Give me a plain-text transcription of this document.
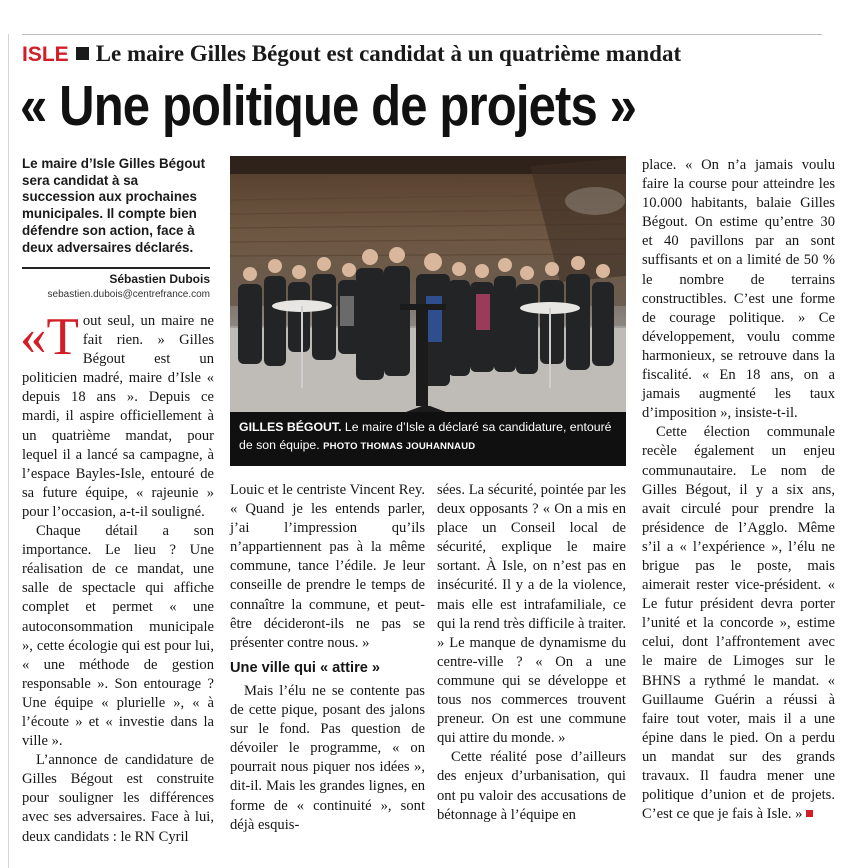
ISLE Le maire Gilles Bégout est candidat à un quatrième mandat
« Une politique de projets »
Le maire d’Isle Gilles Bégout sera candidat à sa succession aux prochaines municipales. Il compte bien défendre son action, face à deux adversaires déclarés.
Sébastien Dubois
sebastien.dubois@centrefrance.com

«Tout seul, un maire ne fait rien. » Gilles Bégout est un politicien madré, maire d’Isle « depuis 18 ans ». Depuis ce mardi, il aspire officiellement à un quatrième mandat, pour lequel il a lancé sa campagne, à l’espace Bayles-Isle, entouré de sa future équipe, « rajeunie » pour l’occasion, a-t-il souligné.

Chaque détail a son importance. Le lieu ? Une réalisation de ce mandat, une salle de spectacle qui affiche complet et permet « une autoconsommation municipale », cette écologie qui est pour lui, « une méthode de gestion responsable ». Son entourage ? Une équipe « plurielle », « à l’écoute » et « investie dans la ville ».

L’annonce de candidature de Gilles Bégout est construite pour souligner les différences avec ses adversaires. Face à lui, deux candidats : le RN Cyril

GILLES BÉGOUT. Le maire d’Isle a déclaré sa candidature, entouré de son équipe. PHOTO THOMAS JOUHANNAUD

Louic et le centriste Vincent Rey. « Quand je les entends parler, j’ai l’impression qu’ils n’appartiennent pas à la même commune, tance l’édile. Je leur conseille de prendre le temps de connaître la commune, et peut-être décideront-ils ne pas se présenter contre nous. »

Une ville qui « attire »

Mais l’élu ne se contente pas de cette pique, posant des jalons sur le fond. Pas question de dévoiler le programme, « on pourrait nous piquer nos idées », dit-il. Mais les grandes lignes, en forme de « continuité », sont déjà esquis-

sées. La sécurité, pointée par les deux opposants ? « On a mis en place un Conseil local de sécurité, explique le maire sortant. À Isle, on n’est pas en insécurité. Il y a de la violence, mais elle est intrafamiliale, ce qui la rend très difficile à traiter. » Le manque de dynamisme du centre-ville ? « On a une commune qui se développe et tous nos commerces trouvent preneur. On est une commune qui attire du monde. »

Cette réalité pose d’ailleurs des enjeux d’urbanisation, qui ont pu valoir des accusations de bétonnage à l’équipe en

place. « On n’a jamais voulu faire la course pour atteindre les 10.000 habitants, balaie Gilles Bégout. On estime qu’entre 30 et 40 pavillons par an sont suffisants et on a limité de 50 % le nombre de terrains constructibles. C’est une forme de courage politique. » Ce développement, voulu comme harmonieux, se retrouve dans la fiscalité. « En 18 ans, on a jamais augmenté les taux d’imposition », insiste-t-il.

Cette élection communale recèle également un enjeu communautaire. Le nom de Gilles Bégout, il y a six ans, avait circulé pour prendre la présidence de l’Agglo. Même s’il a « l’expérience », l’élu ne brigue pas le poste, mais aimerait rester vice-président. « Le futur président devra porter l’unité et la concorde », estime celui, dont l’affrontement avec le maire de Limoges sur le BHNS a rythmé le mandat. « Guillaume Guérin a réussi à faire tout voter, mais il a une épine dans le pied. On a perdu un mandat sur des grands travaux. Il faudra mener une politique d’union et de projets. C’est ce que je fais à Isle. »
